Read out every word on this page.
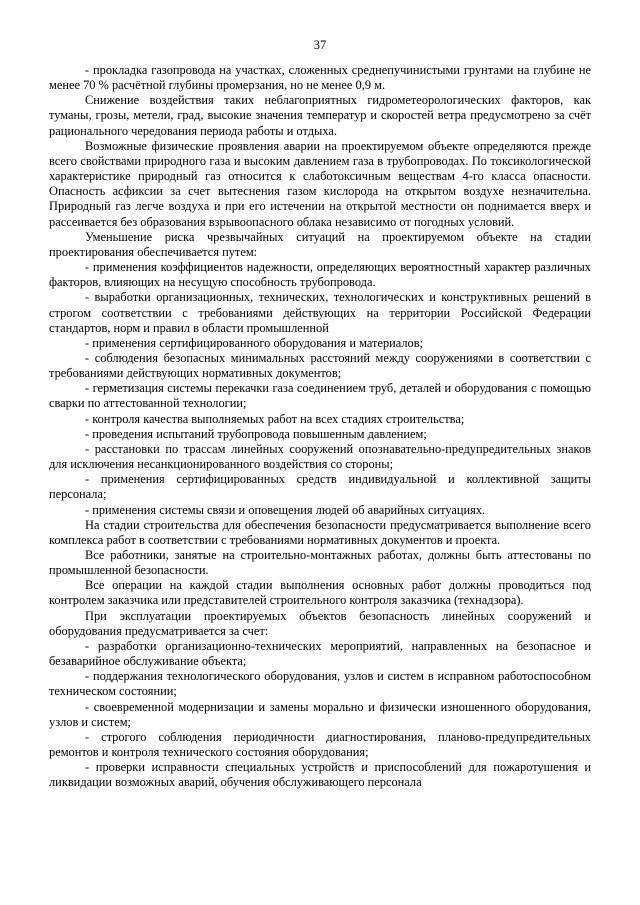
37

- прокладка газопровода на участках, сложенных среднепучинистыми грунтами на глубине не менее 70 % расчётной глубины промерзания, но не менее 0,9 м.

Снижение воздействия таких неблагоприятных гидрометеорологических факторов, как туманы, грозы, метели, град, высокие значения температур и скоростей ветра предусмотрено за счёт рационального чередования периода работы и отдыха.

Возможные физические проявления аварии на проектируемом объекте определяются прежде всего свойствами природного газа и высоким давлением газа в трубопроводах. По токсикологической характеристике природный газ относится к слаботоксичным веществам 4-го класса опасности. Опасность асфиксии за счет вытеснения газом кислорода на открытом воздухе незначительна. Природный газ легче воздуха и при его истечении на открытой местности он поднимается вверх и рассеивается без образования взрывоопасного облака независимо от погодных условий.

Уменьшение риска чрезвычайных ситуаций на проектируемом объекте на стадии проектирования обеспечивается путем:

- применения коэффициентов надежности, определяющих вероятностный характер различных факторов, влияющих на несущую способность трубопровода.

- выработки организационных, технических, технологических и конструктивных решений в строгом соответствии с требованиями действующих на территории Российской Федерации стандартов, норм и правил в области промышленной

- применения сертифицированного оборудования и материалов;

- соблюдения безопасных минимальных расстояний между сооружениями в соответствии с требованиями действующих нормативных документов;

- герметизация системы перекачки газа соединением труб, деталей и оборудования с помощью сварки по аттестованной технологии;

- контроля качества выполняемых работ на всех стадиях строительства;

- проведения испытаний трубопровода повышенным давлением;

- расстановки по трассам линейных сооружений опознавательно-предупредительных знаков для исключения несанкционированного воздействия со стороны;

- применения сертифицированных средств индивидуальной и коллективной защиты персонала;

- применения системы связи и оповещения людей об аварийных ситуациях.

На стадии строительства для обеспечения безопасности предусматривается выполнение всего комплекса работ в соответствии с требованиями нормативных документов и проекта.

Все работники, занятые на строительно-монтажных работах, должны быть аттестованы по промышленной безопасности.

Все операции на каждой стадии выполнения основных работ должны проводиться под контролем заказчика или представителей строительного контроля заказчика (технадзора).

При эксплуатации проектируемых объектов безопасность линейных сооружений и оборудования предусматривается за счет:

- разработки организационно-технических мероприятий, направленных на безопасное и безаварийное обслуживание объекта;

- поддержания технологического оборудования, узлов и систем в исправном работоспособном техническом состоянии;

- своевременной модернизации и замены морально и физически изношенного оборудования, узлов и систем;

- строгого соблюдения периодичности диагностирования, планово-предупредительных ремонтов и контроля технического состояния оборудования;

- проверки исправности специальных устройств и приспособлений для пожаротушения и ликвидации возможных аварий, обучения обслуживающего персонала
